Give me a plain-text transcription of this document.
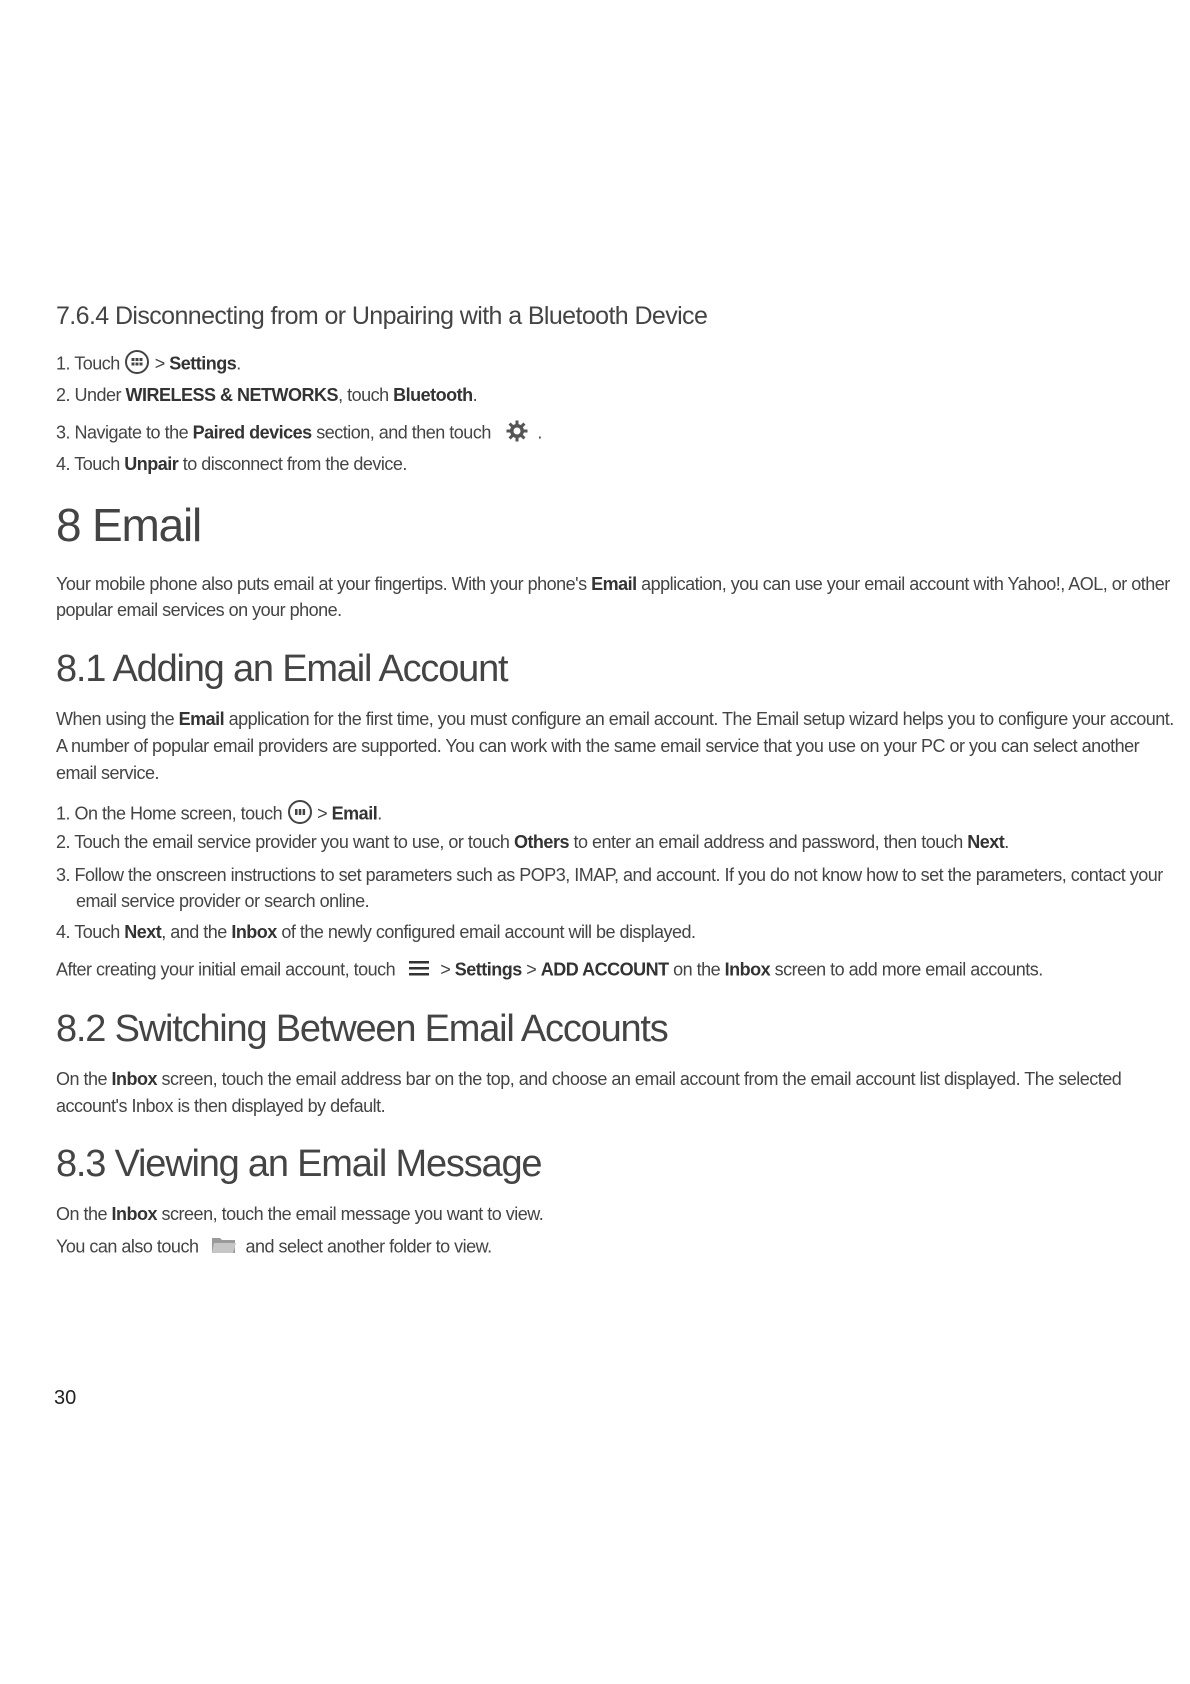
7.6.4 Disconnecting from or Unpairing with a Bluetooth Device
1. Touch  > Settings.
2. Under WIRELESS & NETWORKS, touch Bluetooth.
3. Navigate to the Paired devices section, and then touch	.
4. Touch Unpair to disconnect from the device.
8 Email
Your mobile phone also puts email at your fingertips. With your phone's Email application, you can use your email account with Yahoo!, AOL, or other
popular email services on your phone.
8.1 Adding an Email Account
When using the Email application for the first time, you must configure an email account. The Email setup wizard helps you to configure your account.
A number of popular email providers are supported. You can work with the same email service that you use on your PC or you can select another
email service.
1. On the Home screen, touch  > Email.
2. Touch the email service provider you want to use, or touch Others to enter an email address and password, then touch Next.
3. Follow the onscreen instructions to set parameters such as POP3, IMAP, and account. If you do not know how to set the parameters, contact your
email service provider or search online.
4. Touch Next, and the Inbox of the newly configured email account will be displayed.
After creating your initial email account, touch  > Settings > ADD ACCOUNT on the Inbox screen to add more email accounts.
8.2 Switching Between Email Accounts
On the Inbox screen, touch the email address bar on the top, and choose an email account from the email account list displayed. The selected
account's Inbox is then displayed by default.
8.3 Viewing an Email Message
On the Inbox screen, touch the email message you want to view.
You can also touch  and select another folder to view.
30
